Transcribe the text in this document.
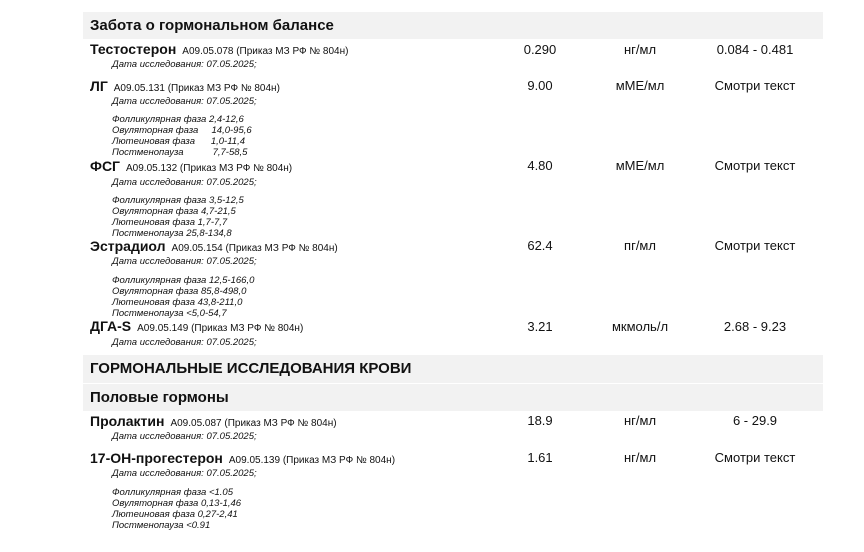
Забота о гормональном балансе
Тестостерон A09.05.078 (Приказ МЗ РФ № 804н)	0.290	нг/мл	0.084 - 0.481
Дата исследования: 07.05.2025;
ЛГ A09.05.131 (Приказ МЗ РФ № 804н)	9.00	мМЕ/мл	Смотри текст
Дата исследования: 07.05.2025;
Фолликулярная фаза 2,4-12,6
Овуляторная фаза     14,0-95,6
Лютеиновая фаза      1,0-11,4
Постменопауза           7,7-58,5
ФСГ A09.05.132 (Приказ МЗ РФ № 804н)	4.80	мМЕ/мл	Смотри текст
Дата исследования: 07.05.2025;
Фолликулярная фаза 3,5-12,5
Овуляторная фаза 4,7-21,5
Лютеиновая фаза 1,7-7,7
Постменопауза 25,8-134,8
Эстрадиол A09.05.154 (Приказ МЗ РФ № 804н)	62.4	пг/мл	Смотри текст
Дата исследования: 07.05.2025;
Фолликулярная фаза 12,5-166,0
Овуляторная фаза 85,8-498,0
Лютеиновая фаза 43,8-211,0
Постменопауза <5,0-54,7
ДГА-S A09.05.149 (Приказ МЗ РФ № 804н)	3.21	мкмоль/л	2.68 - 9.23
Дата исследования: 07.05.2025;
ГОРМОНАЛЬНЫЕ ИССЛЕДОВАНИЯ КРОВИ
Половые гормоны
Пролактин A09.05.087 (Приказ МЗ РФ № 804н)	18.9	нг/мл	6 - 29.9
Дата исследования: 07.05.2025;
17-ОН-прогестерон A09.05.139 (Приказ МЗ РФ № 804н)	1.61	нг/мл	Смотри текст
Дата исследования: 07.05.2025;
Фолликулярная фаза <1.05
Овуляторная фаза 0,13-1,46
Лютеиновая фаза 0,27-2,41
Постменопауза <0.91
